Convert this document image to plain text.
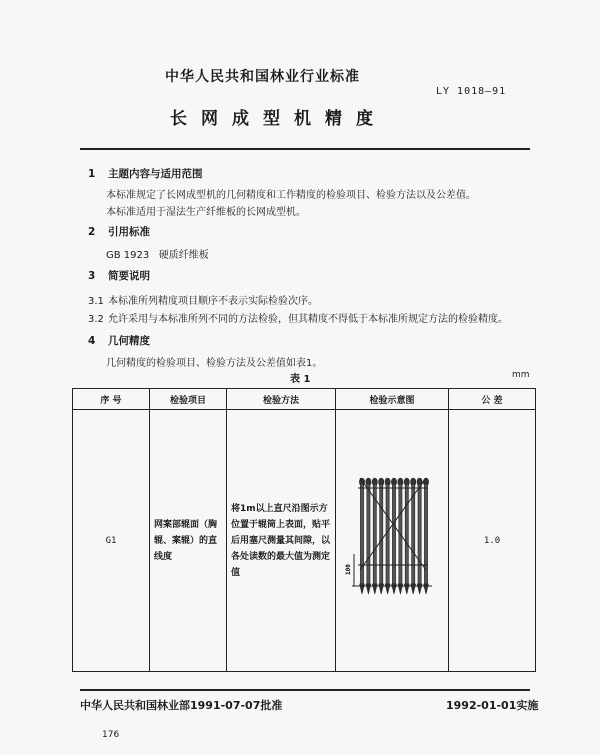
中华人民共和国林业行业标准
LY 1018—91
长网成型机精度
1 主题内容与适用范围
本标准规定了长网成型机的几何精度和工作精度的检验项目、检验方法以及公差值。
本标准适用于湿法生产纤维板的长网成型机。
2 引用标准
GB 1923 硬质纤维板
3 简要说明
3.1 本标准所列精度项目顺序不表示实际检验次序。
3.2 允许采用与本标准所列不同的方法检验，但其精度不得低于本标准所规定方法的检验精度。
4 几何精度
几何精度的检验项目、检验方法及公差值如表1。
表 1	mm
序 号	检验项目	检验方法	检验示意图	公 差
G1	网案部辊面（胸辊、案辊）的直线度	将1m以上直尺沿图示方位置于辊筒上表面，贴平后用塞尺测量其间隙，以各处读数的最大值为测定值	100	1.0
中华人民共和国林业部1991-07-07批准	1992-01-01实施
176
